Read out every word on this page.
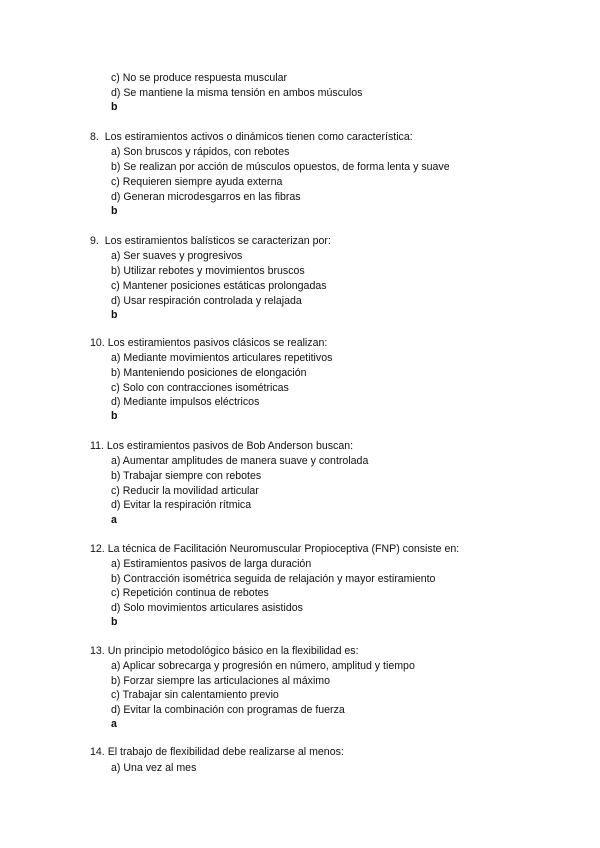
c) No se produce respuesta muscular
d) Se mantiene la misma tensión en ambos músculos
b
8. Los estiramientos activos o dinámicos tienen como característica:
a) Son bruscos y rápidos, con rebotes
b) Se realizan por acción de músculos opuestos, de forma lenta y suave
c) Requieren siempre ayuda externa
d) Generan microdesgarros en las fibras
b
9. Los estiramientos balísticos se caracterizan por:
a) Ser suaves y progresivos
b) Utilizar rebotes y movimientos bruscos
c) Mantener posiciones estáticas prolongadas
d) Usar respiración controlada y relajada
b
10. Los estiramientos pasivos clásicos se realizan:
a) Mediante movimientos articulares repetitivos
b) Manteniendo posiciones de elongación
c) Solo con contracciones isométricas
d) Mediante impulsos eléctricos
b
11. Los estiramientos pasivos de Bob Anderson buscan:
a) Aumentar amplitudes de manera suave y controlada
b) Trabajar siempre con rebotes
c) Reducir la movilidad articular
d) Evitar la respiración rítmica
a
12. La técnica de Facilitación Neuromuscular Propioceptiva (FNP) consiste en:
a) Estiramientos pasivos de larga duración
b) Contracción isométrica seguida de relajación y mayor estiramiento
c) Repetición continua de rebotes
d) Solo movimientos articulares asistidos
b
13. Un principio metodológico básico en la flexibilidad es:
a) Aplicar sobrecarga y progresión en número, amplitud y tiempo
b) Forzar siempre las articulaciones al máximo
c) Trabajar sin calentamiento previo
d) Evitar la combinación con programas de fuerza
a
14. El trabajo de flexibilidad debe realizarse al menos:
a) Una vez al mes
